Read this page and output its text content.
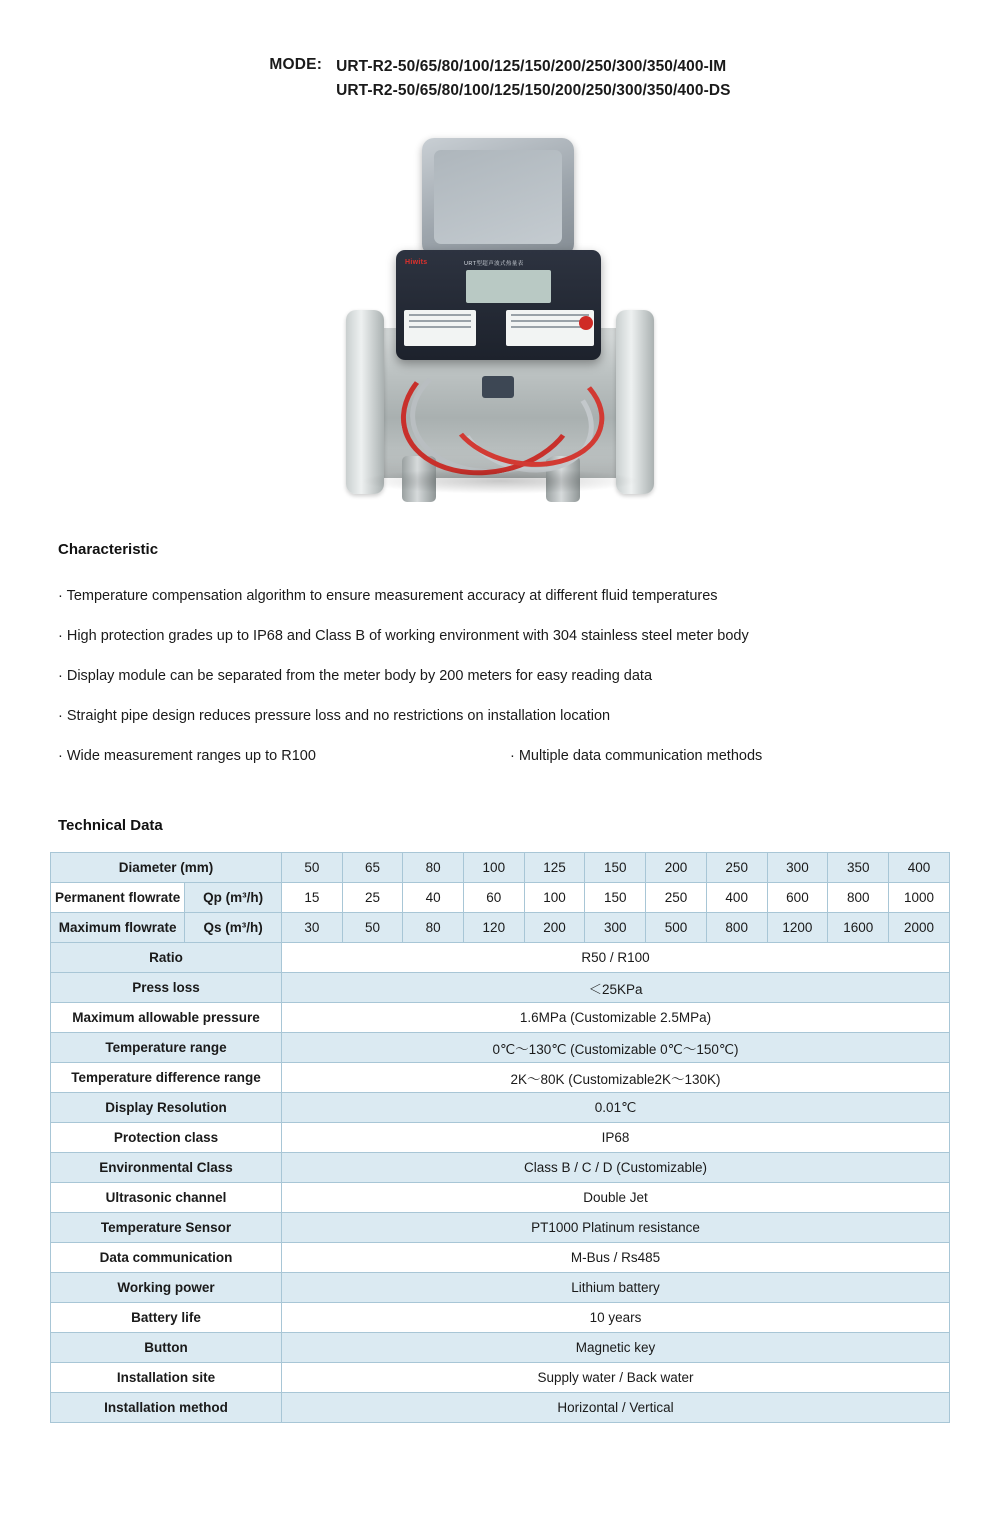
MODE: URT-R2-50/65/80/100/125/150/200/250/300/350/400-IM
URT-R2-50/65/80/100/125/150/200/250/300/350/400-DS
Hiwits	URT型超声波式热量表
Characteristic
· Temperature compensation algorithm to ensure measurement accuracy at different fluid temperatures
· High protection grades up to IP68 and Class B of working environment with 304 stainless steel meter body
· Display module can be separated from the meter body by 200 meters for easy reading data
· Straight pipe design reduces pressure loss and no restrictions on installation location
· Wide measurement ranges up to R100	· Multiple data communication methods
Technical Data
Diameter (mm)		50	65	80	100	125	150	200	250	300	350	400
Permanent flowrate	Qp (m³/h)	15	25	40	60	100	150	250	400	600	800	1000
Maximum flowrate	Qs (m³/h)	30	50	80	120	200	300	500	800	1200	1600	2000
Ratio		R50 / R100										
Press loss		＜25KPa										
Maximum allowable pressure		1.6MPa (Customizable 2.5MPa)										
Temperature range		0℃～130℃ (Customizable 0℃～150℃)										
Temperature difference range		2K～80K (Customizable2K～130K)										
Display Resolution		0.01℃										
Protection class		IP68										
Environmental Class		Class B / C / D (Customizable)										
Ultrasonic channel		Double Jet										
Temperature Sensor		PT1000 Platinum resistance										
Data communication		M-Bus / Rs485										
Working power		Lithium battery										
Battery life		10 years										
Button		Magnetic key										
Installation site		Supply water / Back water										
Installation method		Horizontal / Vertical										
